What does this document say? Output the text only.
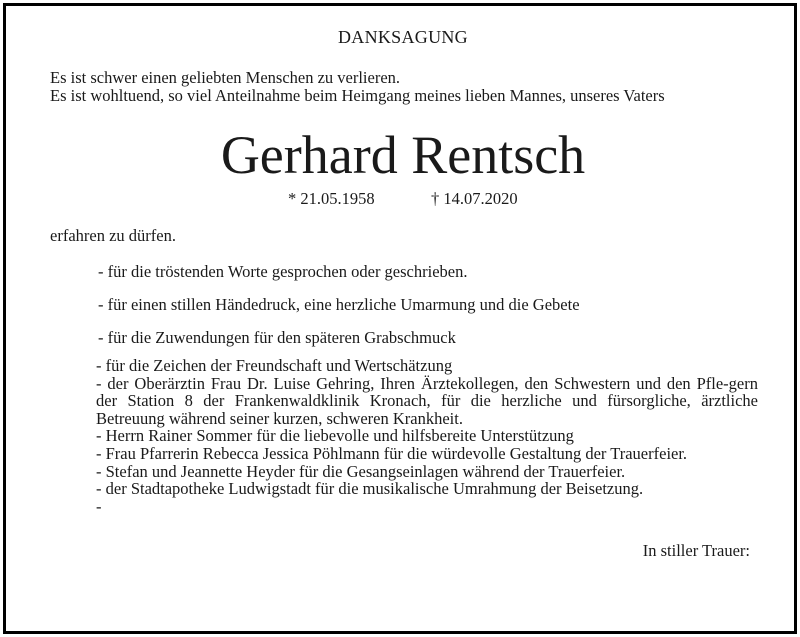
DANKSAGUNG

Es ist schwer einen geliebten Menschen zu verlieren.

Es ist wohltuend, so viel Anteilnahme beim Heimgang meines lieben Mannes, unseres Vaters

Gerhard Rentsch

* 21.05.1958	† 14.07.2020

erfahren zu dürfen.

- für die tröstenden Worte gesprochen oder geschrieben.

- für einen stillen Händedruck, eine herzliche Umarmung und die Gebete

- für die Zuwendungen für den späteren Grabschmuck

- für die Zeichen der Freundschaft und Wertschätzung

- der Oberärztin Frau Dr. Luise Gehring, Ihren Ärztekollegen, den Schwestern und den Pfle-gern der Station 8 der Frankenwaldklinik Kronach, für die herzliche und fürsorgliche, ärztliche Betreuung während seiner kurzen, schweren Krankheit.

- Herrn Rainer Sommer für die liebevolle und hilfsbereite Unterstützung

- Frau Pfarrerin Rebecca Jessica Pöhlmann für die würdevolle Gestaltung der Trauerfeier.

- Stefan und Jeannette Heyder für die Gesangseinlagen während der Trauerfeier.

- der Stadtapotheke Ludwigstadt für die musikalische Umrahmung der Beisetzung.

-

In stiller Trauer:
